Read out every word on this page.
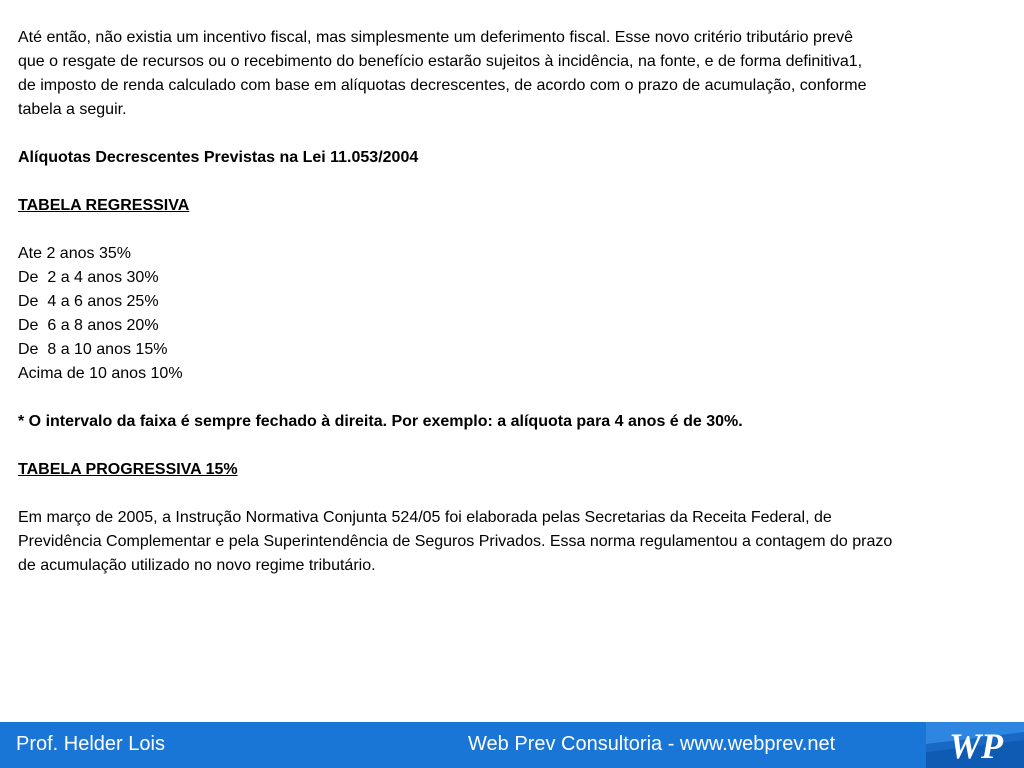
Até então, não existia um incentivo fiscal, mas simplesmente um deferimento fiscal. Esse novo critério tributário prevê

que o resgate de recursos ou o recebimento do benefício estarão sujeitos à incidência, na fonte, e de forma definitiva1,

de imposto de renda calculado com base em alíquotas decrescentes, de acordo com o prazo de acumulação, conforme

tabela a seguir.

Alíquotas Decrescentes Previstas na Lei 11.053/2004

TABELA REGRESSIVA

Ate 2 anos 35%

De  2 a 4 anos 30%

De  4 a 6 anos 25%

De  6 a 8 anos 20%

De  8 a 10 anos 15%

Acima de 10 anos 10%

* O intervalo da faixa é sempre fechado à direita. Por exemplo: a alíquota para 4 anos é de 30%.

TABELA PROGRESSIVA 15%

Em março de 2005, a Instrução Normativa Conjunta 524/05 foi elaborada pelas Secretarias da Receita Federal, de

Previdência Complementar e pela Superintendência de Seguros Privados. Essa norma regulamentou a contagem do prazo

de acumulação utilizado no novo regime tributário.

Prof. Helder Lois	Web Prev Consultoria - www.webprev.net	WP
